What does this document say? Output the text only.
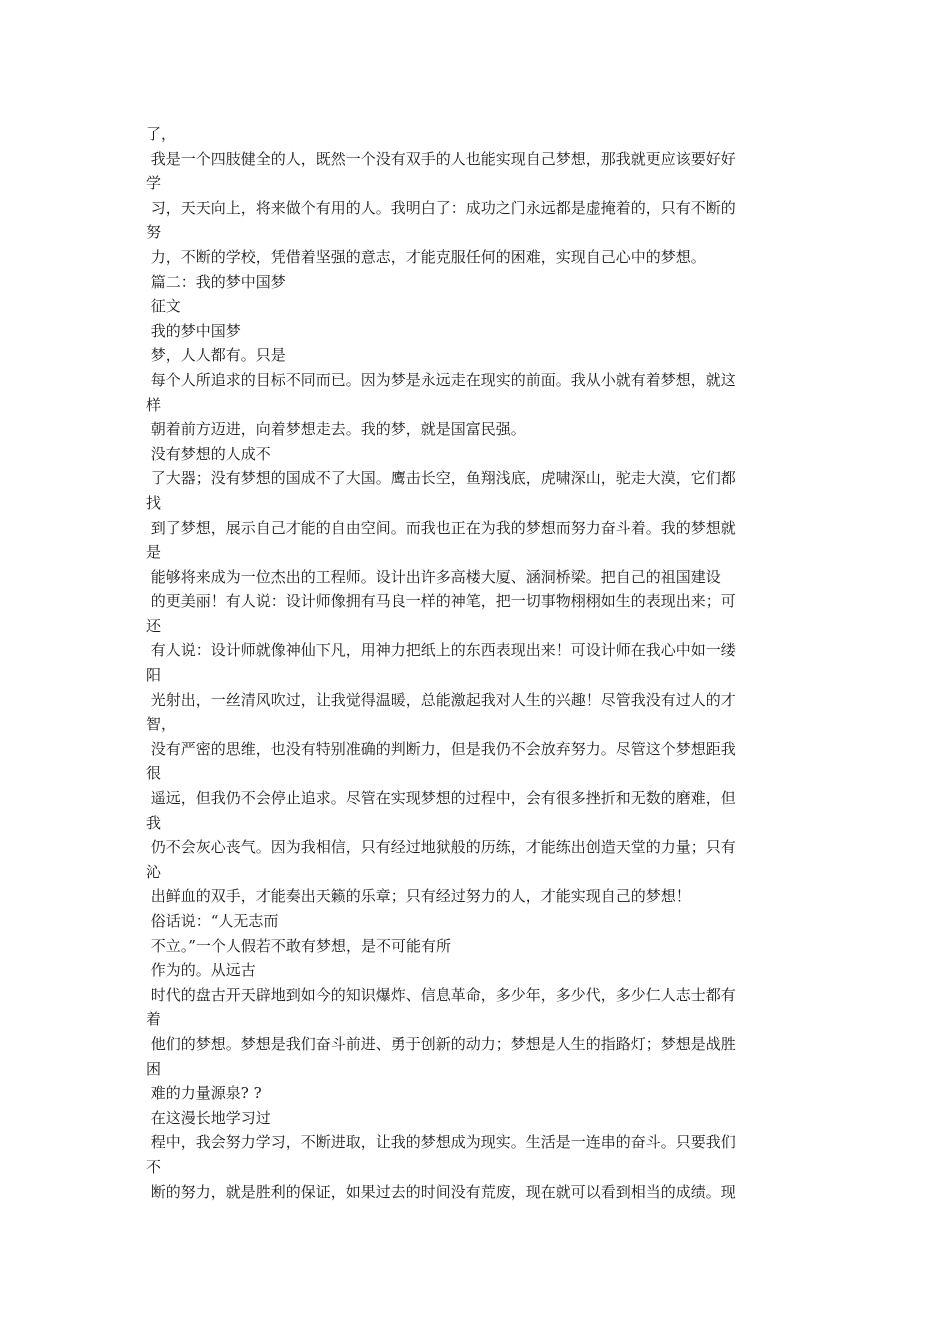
了，
我是一个四肢健全的人，既然一个没有双手的人也能实现自己梦想，那我就更应该要好好
学
习，天天向上，将来做个有用的人。我明白了：成功之门永远都是虚掩着的，只有不断的
努
力，不断的学校，凭借着坚强的意志，才能克服任何的困难，实现自己心中的梦想。
篇二：我的梦中国梦
征文
我的梦中国梦
梦，人人都有。只是
每个人所追求的目标不同而已。因为梦是永远走在现实的前面。我从小就有着梦想，就这
样
朝着前方迈进，向着梦想走去。我的梦，就是国富民强。
没有梦想的人成不
了大器；没有梦想的国成不了大国。鹰击长空，鱼翔浅底，虎啸深山，驼走大漠，它们都
找
到了梦想，展示自己才能的自由空间。而我也正在为我的梦想而努力奋斗着。我的梦想就
是
能够将来成为一位杰出的工程师。设计出许多高楼大厦、涵洞桥梁。把自己的祖国建设
的更美丽！有人说：设计师像拥有马良一样的神笔，把一切事物栩栩如生的表现出来；可
还
有人说：设计师就像神仙下凡，用神力把纸上的东西表现出来！可设计师在我心中如一缕
阳
光射出，一丝清风吹过，让我觉得温暖，总能激起我对人生的兴趣！尽管我没有过人的才
智，
没有严密的思维，也没有特别准确的判断力，但是我仍不会放弃努力。尽管这个梦想距我
很
遥远，但我仍不会停止追求。尽管在实现梦想的过程中，会有很多挫折和无数的磨难，但
我
仍不会灰心丧气。因为我相信，只有经过地狱般的历练，才能练出创造天堂的力量；只有
沁
出鲜血的双手，才能奏出天籁的乐章；只有经过努力的人，才能实现自己的梦想！
俗话说：“人无志而
不立。”一个人假若不敢有梦想，是不可能有所
作为的。从远古
时代的盘古开天辟地到如今的知识爆炸、信息革命，多少年，多少代，多少仁人志士都有
着
他们的梦想。梦想是我们奋斗前进、勇于创新的动力；梦想是人生的指路灯；梦想是战胜
困
难的力量源泉? ?
在这漫长地学习过
程中，我会努力学习，不断进取，让我的梦想成为现实。生活是一连串的奋斗。只要我们
不
断的努力，就是胜利的保证，如果过去的时间没有荒废，现在就可以看到相当的成绩。现
